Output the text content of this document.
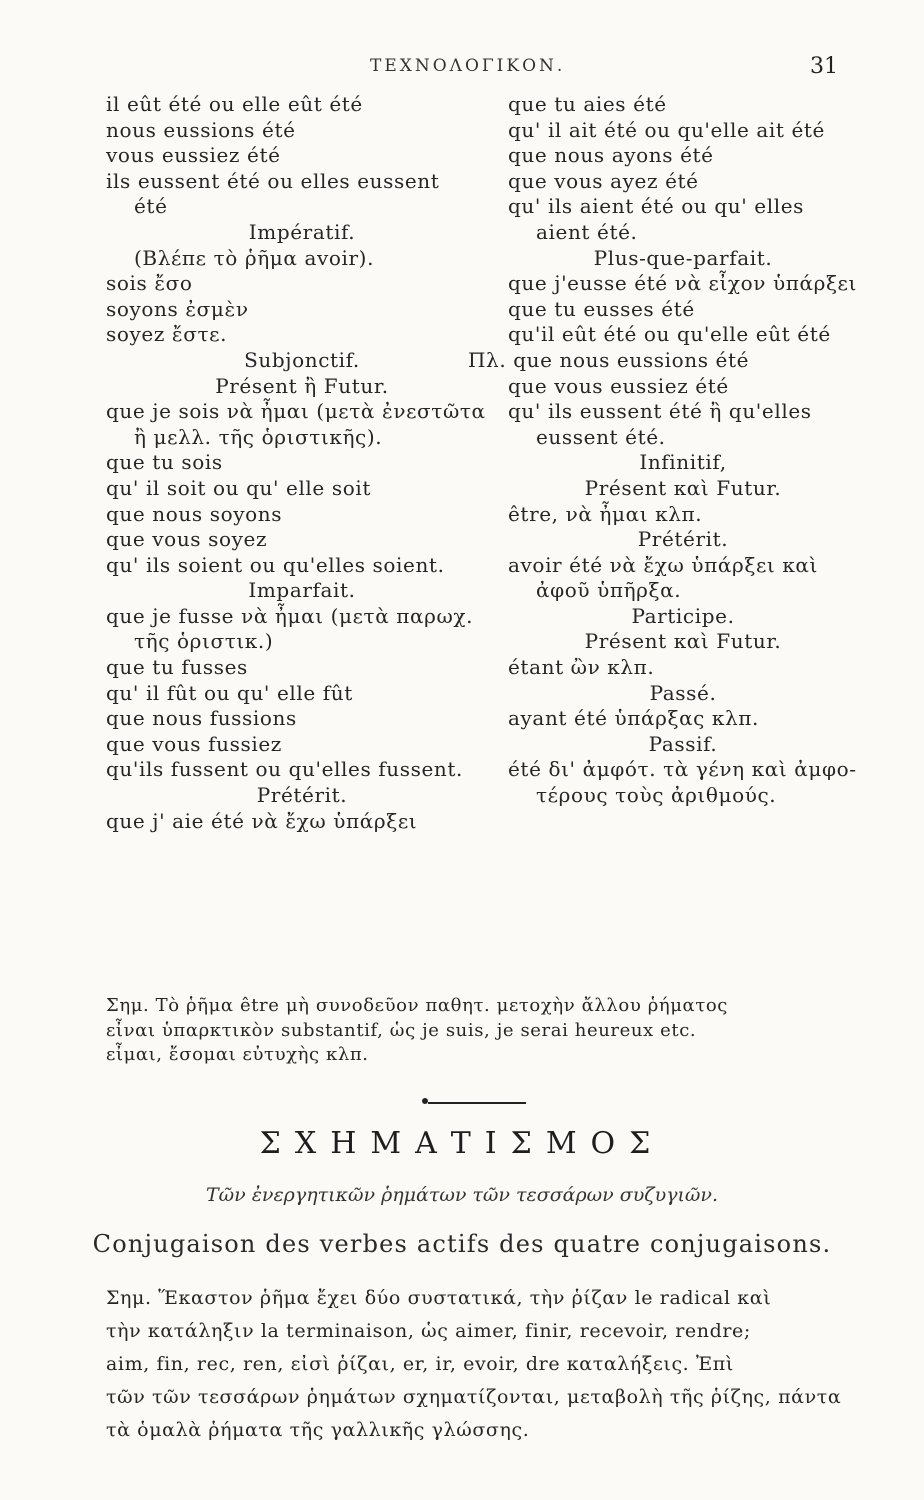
ΤΕΧΝΟΛΟΓΙΚΟΝ.	31
il eût été ou elle eût été
nous eussions été
vous eussiez été
ils eussent été ou elles eussent
été
Impératif.
(Βλέπε τὸ ῥῆμα avoir).
sois ἔσο
soyons ἐσμὲν
soyez ἔστε.
Subjonctif.
Présent ἢ Futur.
que je sois νὰ ἦμαι (μετὰ ἐνεστῶτα
ἢ μελλ. τῆς ὁριστικῆς).
que tu sois
qu' il soit ou qu' elle soit
que nous soyons
que vous soyez
qu' ils soient ou qu'elles soient.
Imparfait.
que je fusse νὰ ἦμαι (μετὰ παρωχ.
τῆς ὁριστικ.)
que tu fusses
qu' il fût ou qu' elle fût
que nous fussions
que vous fussiez
qu'ils fussent ou qu'elles fussent.
Prétérit.
que j' aie été νὰ ἔχω ὑπάρξει
que tu aies été
qu' il ait été ou qu'elle ait été
que nous ayons été
que vous ayez été
qu' ils aient été ou qu' elles
aient été.
Plus-que-parfait.
que j'eusse été νὰ εἶχον ὑπάρξει
que tu eusses été
qu'il eût été ou qu'elle eût été
Πλ. que nous eussions été
que vous eussiez été
qu' ils eussent été ἢ qu'elles
eussent été.
Infinitif,
Présent καὶ Futur.
être, νὰ ἦμαι κλπ.
Prétérit.
avoir été νὰ ἔχω ὑπάρξει καὶ
ἀφοῦ ὑπῆρξα.
Participe.
Présent καὶ Futur.
étant ὢν κλπ.
Passé.
ayant été ὑπάρξας κλπ.
Passif.
été δι' ἀμφότ. τὰ γένη καὶ ἀμφο-
τέρους τοὺς ἀριθμούς.
Σημ. Τὸ ῥῆμα être μὴ συνοδεῦον παθητ. μετοχὴν ἄλλου ῥήματος
εἶναι ὑπαρκτικὸν substantif, ὡς je suis, je serai heureux etc.
εἶμαι, ἔσομαι εὐτυχὴς κλπ.
ΣΧΗΜΑΤΙΣΜΟΣ
Τῶν ἐνεργητικῶν ῥημάτων τῶν τεσσάρων συζυγιῶν.
Conjugaison des verbes actifs des quatre conjugaisons.
Σημ. Ἕκαστον ῥῆμα ἔχει δύο συστατικά, τὴν ῥίζαν le radical καὶ
τὴν κατάληξιν la terminaison, ὡς aimer, finir, recevoir, rendre;
aim, fin, rec, ren, εἰσὶ ῥίζαι, er, ir, evoir, dre καταλήξεις. Ἐπὶ
τῶν τῶν τεσσάρων ῥημάτων σχηματίζονται, μεταβολὴ τῆς ῥίζης, πάντα
τὰ ὁμαλὰ ῥήματα τῆς γαλλικῆς γλώσσης.
